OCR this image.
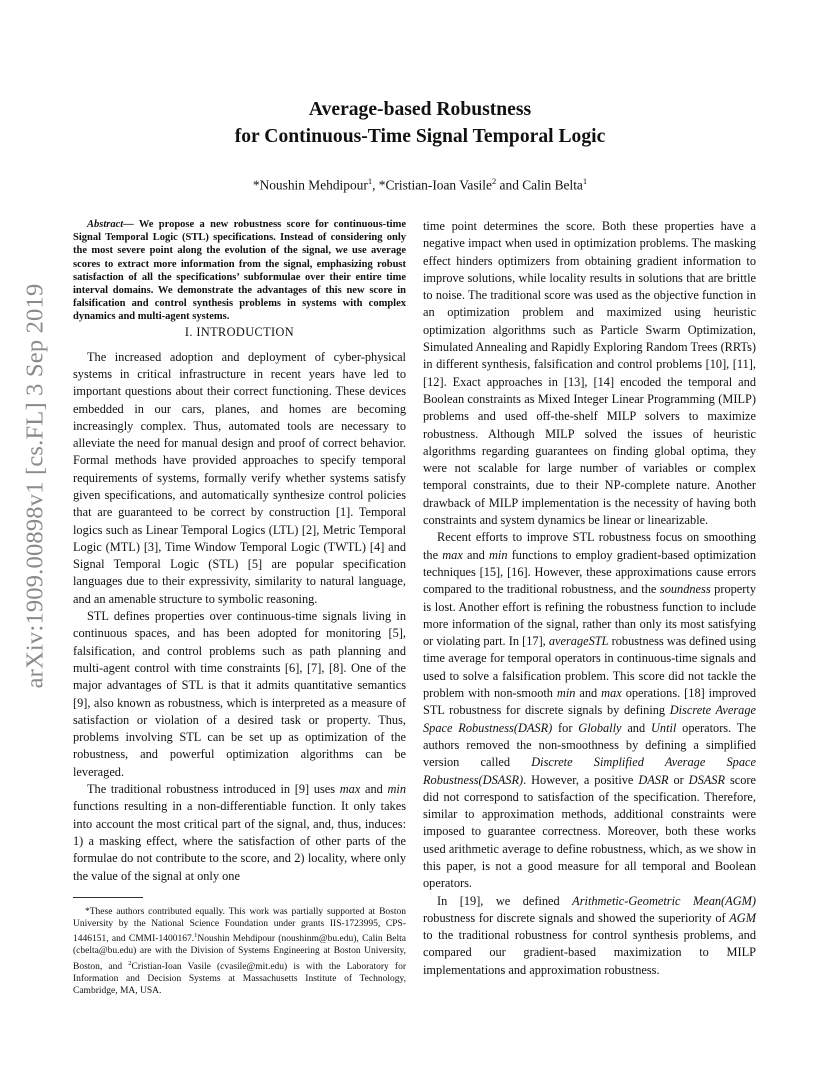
arXiv:1909.00898v1 [cs.FL] 3 Sep 2019
Average-based Robustness
for Continuous-Time Signal Temporal Logic
*Noushin Mehdipour$^1$, *Cristian-Ioan Vasile$^2$ and Calin Belta$^1$

Abstract— We propose a new robustness score for continuous-time Signal Temporal Logic (STL) specifications. Instead of considering only the most severe point along the evolution of the signal, we use average scores to extract more information from the signal, emphasizing robust satisfaction of all the specifications’ subformulae over their entire time interval domains. We demonstrate the advantages of this new score in falsification and control synthesis problems in systems with complex dynamics and multi-agent systems.

I. INTRODUCTION

The increased adoption and deployment of cyber-physical systems in critical infrastructure in recent years have led to important questions about their correct functioning. These devices embedded in our cars, planes, and homes are becoming increasingly complex. Thus, automated tools are necessary to alleviate the need for manual design and proof of correct behavior. Formal methods have provided approaches to specify temporal requirements of systems, formally verify whether systems satisfy given specifications, and automatically synthesize control policies that are guaranteed to be correct by construction [1]. Temporal logics such as Linear Temporal Logics (LTL) [2], Metric Temporal Logic (MTL) [3], Time Window Temporal Logic (TWTL) [4] and Signal Temporal Logic (STL) [5] are popular specification languages due to their expressivity, similarity to natural language, and an amenable structure to symbolic reasoning.

STL defines properties over continuous-time signals living in continuous spaces, and has been adopted for monitoring [5], falsification, and control problems such as path planning and multi-agent control with time constraints [6], [7], [8]. One of the major advantages of STL is that it admits quantitative semantics [9], also known as robustness, which is interpreted as a measure of satisfaction or violation of a desired task or property. Thus, problems involving STL can be set up as optimization of the robustness, and powerful optimization algorithms can be leveraged.

The traditional robustness introduced in [9] uses max and min functions resulting in a non-differentiable function. It only takes into account the most critical part of the signal, and, thus, induces: 1) a masking effect, where the satisfaction of other parts of the formulae do not contribute to the score, and 2) locality, where only the value of the signal at only one

*These authors contributed equally. This work was partially supported at Boston University by the National Science Foundation under grants IIS-1723995, CPS-1446151, and CMMI-1400167.$^1$Noushin Mehdipour (noushinm@bu.edu), Calin Belta (cbelta@bu.edu) are with the Division of Systems Engineering at Boston University, Boston, and $^2$Cristian-Ioan Vasile (cvasile@mit.edu) is with the Laboratory for Information and Decision Systems at Massachusetts Institute of Technology, Cambridge, MA, USA.

time point determines the score. Both these properties have a negative impact when used in optimization problems. The masking effect hinders optimizers from obtaining gradient information to improve solutions, while locality results in solutions that are brittle to noise. The traditional score was used as the objective function in an optimization problem and maximized using heuristic optimization algorithms such as Particle Swarm Optimization, Simulated Annealing and Rapidly Exploring Random Trees (RRTs) in different synthesis, falsification and control problems [10], [11], [12]. Exact approaches in [13], [14] encoded the temporal and Boolean constraints as Mixed Integer Linear Programming (MILP) problems and used off-the-shelf MILP solvers to maximize robustness. Although MILP solved the issues of heuristic algorithms regarding guarantees on finding global optima, they were not scalable for large number of variables or complex temporal constraints, due to their NP-complete nature. Another drawback of MILP implementation is the necessity of having both constraints and system dynamics be linear or linearizable.

Recent efforts to improve STL robustness focus on smoothing the max and min functions to employ gradient-based optimization techniques [15], [16]. However, these approximations cause errors compared to the traditional robustness, and the soundness property is lost. Another effort is refining the robustness function to include more information of the signal, rather than only its most satisfying or violating part. In [17], averageSTL robustness was defined using time average for temporal operators in continuous-time signals and used to solve a falsification problem. This score did not tackle the problem with non-smooth min and max operations. [18] improved STL robustness for discrete signals by defining Discrete Average Space Robustness(DASR) for Globally and Until operators. The authors removed the non-smoothness by defining a simplified version called Discrete Simplified Average Space Robustness(DSASR). However, a positive DASR or DSASR score did not correspond to satisfaction of the specification. Therefore, similar to approximation methods, additional constraints were imposed to guarantee correctness. Moreover, both these works used arithmetic average to define robustness, which, as we show in this paper, is not a good measure for all temporal and Boolean operators.

In [19], we defined Arithmetic-Geometric Mean(AGM) robustness for discrete signals and showed the superiority of AGM to the traditional robustness for control synthesis problems, and compared our gradient-based maximization to MILP implementations and approximation robustness.
